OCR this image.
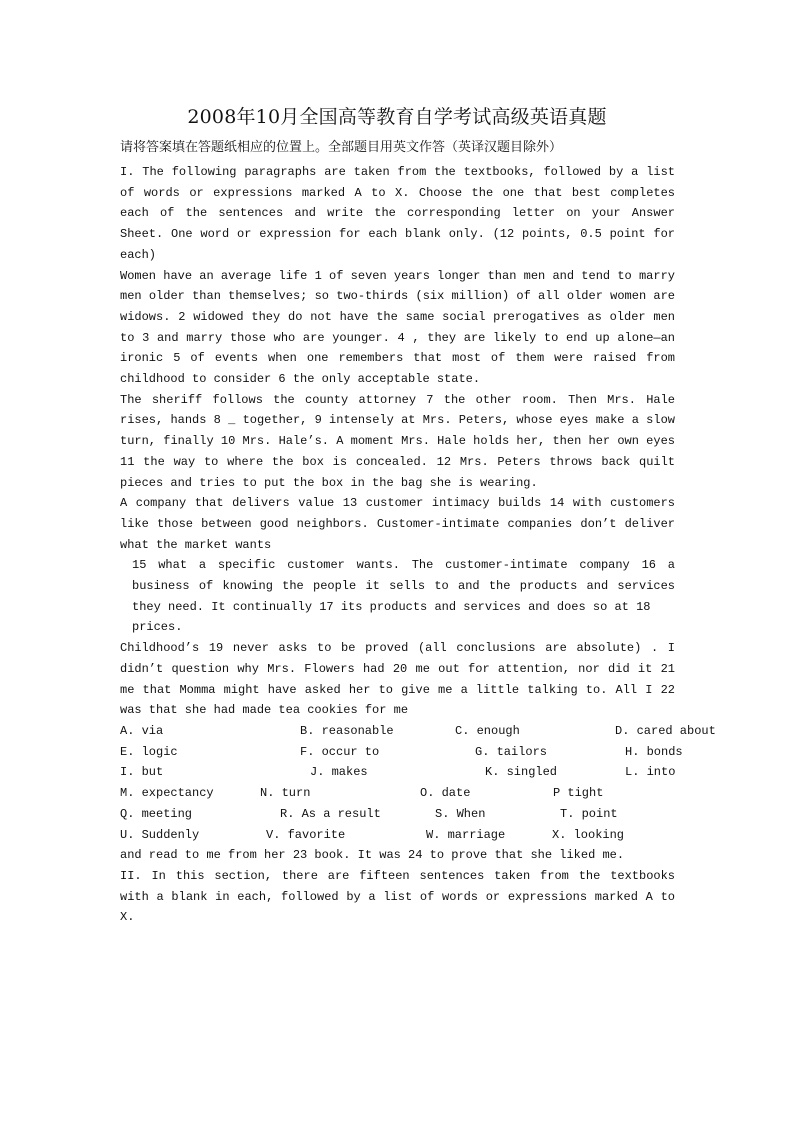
2008年10月全国高等教育自学考试高级英语真题
请将答案填在答题纸相应的位置上。全部题目用英文作答（英译汉题目除外）

I. The following paragraphs are taken from the textbooks, followed by a list of words or expressions marked A to X. Choose the one that best completes each of the sentences and write the corresponding letter on your Answer Sheet. One word or expression for each blank only. (12 points, 0.5 point for each)

Women have an average life 1 of seven years longer than men and tend to marry men older than themselves; so two-thirds (six million) of all older women are widows. 2 widowed they do not have the same social prerogatives as older men to 3 and marry those who are younger. 4 , they are likely to end up alone—an ironic 5 of events when one remembers that most of them were raised from childhood to consider 6 the only acceptable state.

The sheriff follows the county attorney 7 the other room. Then Mrs. Hale rises, hands 8 _ together, 9 intensely at Mrs. Peters, whose eyes make a slow turn, finally 10 Mrs. Hale’s. A moment Mrs. Hale holds her, then her own eyes 11 the way to where the box is concealed. 12 Mrs. Peters throws back quilt pieces and tries to put the box in the bag she is wearing.

A company that delivers value 13 customer intimacy builds 14 with customers like those between good neighbors. Customer-intimate companies don’t deliver what the market wants

15 what a specific customer wants. The customer-intimate company 16 a business of knowing the people it sells to and the products and services they need. It continually 17 its products and services and does so at 18

prices.

Childhood’s 19 never asks to be proved (all conclusions are absolute) . I didn’t question why Mrs. Flowers had 20 me out for attention, nor did it 21 me that Momma might have asked her to give me a little talking to. All I 22 was that she had made tea cookies for me

A. via	B. reasonable	C. enough	D. cared about
E. logic	F. occur to	G. tailors	H. bonds
I. but	J. makes	K. singled	L. into
M. expectancy	N. turn	O. date	P tight
Q. meeting	R. As a result	S. When	T. point
U. Suddenly	V. favorite	W. marriage	X. looking

and read to me from her 23 book. It was 24 to prove that she liked me.

II. In this section, there are fifteen sentences taken from the textbooks with a blank in each, followed by a list of words or expressions marked A to X.
